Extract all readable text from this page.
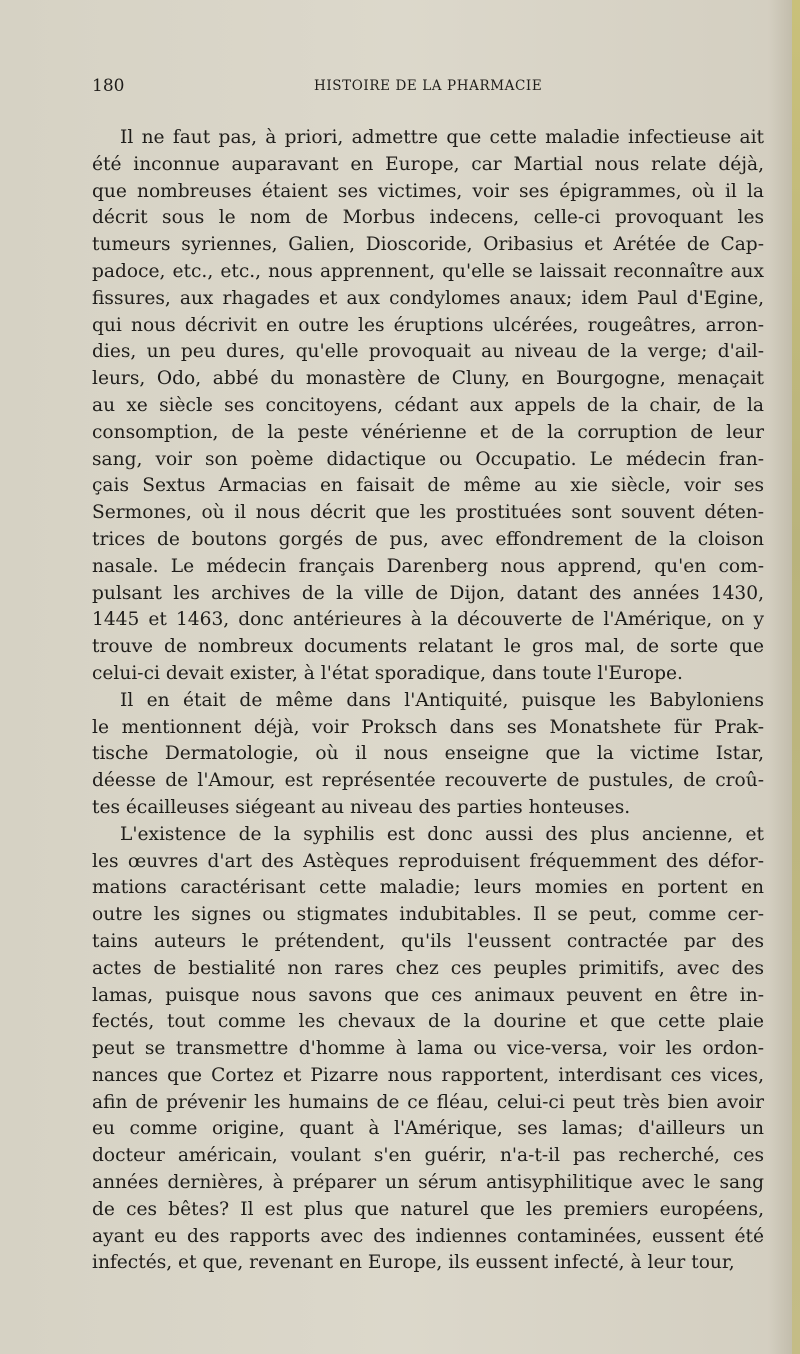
180	HISTOIRE DE LA PHARMACIE

Il ne faut pas, à priori, admettre que cette maladie infectieuse ait
été inconnue auparavant en Europe, car Martial nous relate déjà,
que nombreuses étaient ses victimes, voir ses épigrammes, où il la
décrit sous le nom de Morbus indecens, celle-ci provoquant les
tumeurs syriennes, Galien, Dioscoride, Oribasius et Arétée de Cap-
padoce, etc., etc., nous apprennent, qu'elle se laissait reconnaître aux
fissures, aux rhagades et aux condylomes anaux; idem Paul d'Egine,
qui nous décrivit en outre les éruptions ulcérées, rougeâtres, arron-
dies, un peu dures, qu'elle provoquait au niveau de la verge; d'ail-
leurs, Odo, abbé du monastère de Cluny, en Bourgogne, menaçait
au xe siècle ses concitoyens, cédant aux appels de la chair, de la
consomption, de la peste vénérienne et de la corruption de leur
sang, voir son poème didactique ou Occupatio. Le médecin fran-
çais Sextus Armacias en faisait de même au xie siècle, voir ses
Sermones, où il nous décrit que les prostituées sont souvent déten-
trices de boutons gorgés de pus, avec effondrement de la cloison
nasale. Le médecin français Darenberg nous apprend, qu'en com-
pulsant les archives de la ville de Dijon, datant des années 1430,
1445 et 1463, donc antérieures à la découverte de l'Amérique, on y
trouve de nombreux documents relatant le gros mal, de sorte que
celui-ci devait exister, à l'état sporadique, dans toute l'Europe.

Il en était de même dans l'Antiquité, puisque les Babyloniens
le mentionnent déjà, voir Proksch dans ses Monatshete für Prak-
tische Dermatologie, où il nous enseigne que la victime Istar,
déesse de l'Amour, est représentée recouverte de pustules, de croû-
tes écailleuses siégeant au niveau des parties honteuses.

L'existence de la syphilis est donc aussi des plus ancienne, et
les œuvres d'art des Astèques reproduisent fréquemment des défor-
mations caractérisant cette maladie; leurs momies en portent en
outre les signes ou stigmates indubitables. Il se peut, comme cer-
tains auteurs le prétendent, qu'ils l'eussent contractée par des
actes de bestialité non rares chez ces peuples primitifs, avec des
lamas, puisque nous savons que ces animaux peuvent en être in-
fectés, tout comme les chevaux de la dourine et que cette plaie
peut se transmettre d'homme à lama ou vice-versa, voir les ordon-
nances que Cortez et Pizarre nous rapportent, interdisant ces vices,
afin de prévenir les humains de ce fléau, celui-ci peut très bien avoir
eu comme origine, quant à l'Amérique, ses lamas; d'ailleurs un
docteur américain, voulant s'en guérir, n'a-t-il pas recherché, ces
années dernières, à préparer un sérum antisyphilitique avec le sang
de ces bêtes? Il est plus que naturel que les premiers européens,
ayant eu des rapports avec des indiennes contaminées, eussent été
infectés, et que, revenant en Europe, ils eussent infecté, à leur tour,
